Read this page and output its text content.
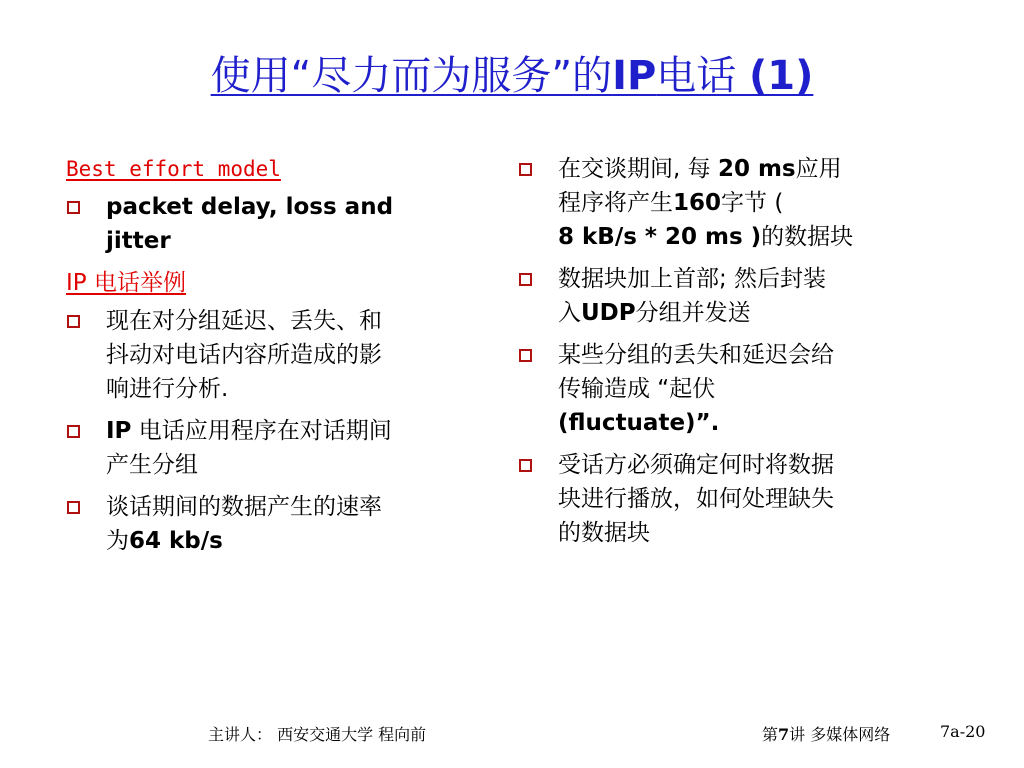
使用“尽力而为服务”的IP电话 (1)
Best effort model
packet delay, loss and
jitter
IP 电话举例
现在对分组延迟、丢失、和
抖动对电话内容所造成的影
响进行分析.
IP 电话应用程序在对话期间
产生分组
谈话期间的数据产生的速率
为64 kb/s
在交谈期间, 每 20 ms应用
程序将产生160字节 (
8 kB/s * 20 ms )的数据块
数据块加上首部; 然后封装
入UDP分组并发送
某些分组的丢失和延迟会给
传输造成 “起伏
(fluctuate)”.
受话方必须确定何时将数据
块进行播放，如何处理缺失
的数据块
主讲人： 西安交通大学 程向前	第7讲 多媒体网络	7a-20
